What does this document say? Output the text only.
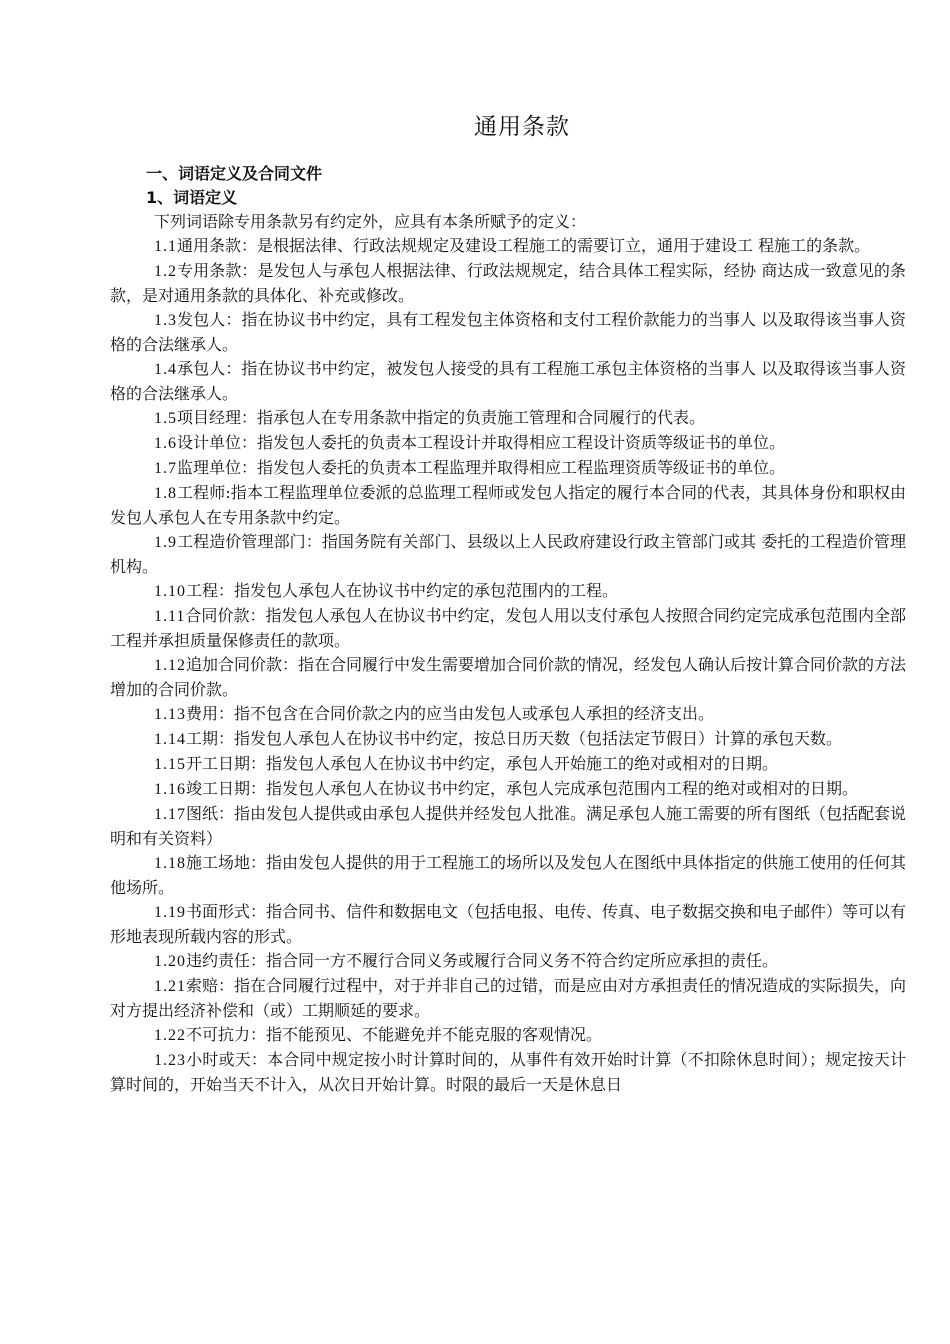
通用条款
一、词语定义及合同文件
1、词语定义
下列词语除专用条款另有约定外，应具有本条所赋予的定义：

1.1通用条款：是根据法律、行政法规规定及建设工程施工的需要订立，通用于建设工 程施工的条款。

1.2专用条款：是发包人与承包人根据法律、行政法规规定，结合具体工程实际，经协 商达成一致意见的条款，是对通用条款的具体化、补充或修改。

1.3发包人：指在协议书中约定，具有工程发包主体资格和支付工程价款能力的当事人 以及取得该当事人资格的合法继承人。

1.4承包人：指在协议书中约定，被发包人接受的具有工程施工承包主体资格的当事人 以及取得该当事人资格的合法继承人。

1.5项目经理：指承包人在专用条款中指定的负责施工管理和合同履行的代表。

1.6设计单位：指发包人委托的负责本工程设计并取得相应工程设计资质等级证书的单位。

1.7监理单位：指发包人委托的负责本工程监理并取得相应工程监理资质等级证书的单位。

1.8工程师:指本工程监理单位委派的总监理工程师或发包人指定的履行本合同的代表，其具体身份和职权由发包人承包人在专用条款中约定。

1.9工程造价管理部门：指国务院有关部门、县级以上人民政府建设行政主管部门或其 委托的工程造价管理机构。

1.10工程：指发包人承包人在协议书中约定的承包范围内的工程。

1.11合同价款：指发包人承包人在协议书中约定，发包人用以支付承包人按照合同约定完成承包范围内全部工程并承担质量保修责任的款项。

1.12追加合同价款：指在合同履行中发生需要增加合同价款的情况，经发包人确认后按计算合同价款的方法增加的合同价款。

1.13费用：指不包含在合同价款之内的应当由发包人或承包人承担的经济支出。

1.14工期：指发包人承包人在协议书中约定，按总日历天数（包括法定节假日）计算的承包天数。

1.15开工日期：指发包人承包人在协议书中约定，承包人开始施工的绝对或相对的日期。

1.16竣工日期：指发包人承包人在协议书中约定，承包人完成承包范围内工程的绝对或相对的日期。

1.17图纸：指由发包人提供或由承包人提供并经发包人批准。满足承包人施工需要的所有图纸（包括配套说明和有关资料）

1.18施工场地：指由发包人提供的用于工程施工的场所以及发包人在图纸中具体指定的供施工使用的任何其他场所。

1.19书面形式：指合同书、信件和数据电文（包括电报、电传、传真、电子数据交换和电子邮件）等可以有形地表现所载内容的形式。

1.20违约责任：指合同一方不履行合同义务或履行合同义务不符合约定所应承担的责任。

1.21索赔：指在合同履行过程中，对于并非自己的过错，而是应由对方承担责任的情况造成的实际损失，向对方提出经济补偿和（或）工期顺延的要求。

1.22不可抗力：指不能预见、不能避免并不能克服的客观情况。

1.23小时或天：本合同中规定按小时计算时间的，从事件有效开始时计算（不扣除休息时间）；规定按天计算时间的，开始当天不计入，从次日开始计算。时限的最后一天是休息日
